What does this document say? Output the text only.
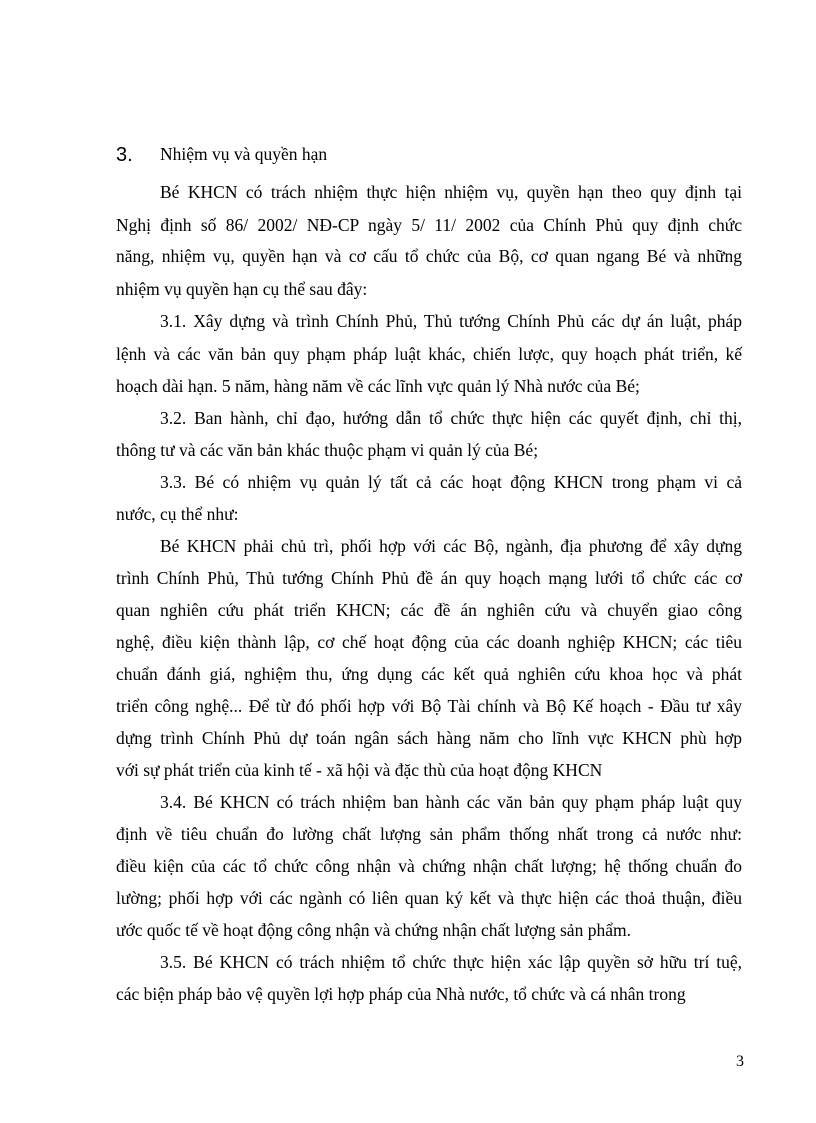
3. Nhiệm vụ và quyền hạn
Bé KHCN có trách nhiệm thực hiện nhiệm vụ, quyền hạn theo quy định tại
Nghị định số 86/ 2002/ NĐ-CP ngày 5/ 11/ 2002 của Chính Phủ quy định chức
năng, nhiệm vụ, quyền hạn và cơ cấu tổ chức của Bộ, cơ quan ngang Bé và những
nhiệm vụ quyền hạn cụ thể sau đây:
3.1. Xây dựng và trình Chính Phủ, Thủ tướng Chính Phủ các dự án luật, pháp
lệnh và các văn bản quy phạm pháp luật khác, chiến lược, quy hoạch phát triển, kế
hoạch dài hạn. 5 năm, hàng năm về các lĩnh vực quản lý Nhà nước của Bé;
3.2. Ban hành, chỉ đạo, hướng dẫn tổ chức thực hiện các quyết định, chỉ thị,
thông tư và các văn bản khác thuộc phạm vi quản lý của Bé;
3.3. Bé có nhiệm vụ quản lý tất cả các hoạt động KHCN trong phạm vi cả
nước, cụ thể như:
Bé KHCN phải chủ trì, phối hợp với các Bộ, ngành, địa phương để xây dựng
trình Chính Phủ, Thủ tướng Chính Phủ đề án quy hoạch mạng lưới tổ chức các cơ
quan nghiên cứu phát triển KHCN; các đề án nghiên cứu và chuyển giao công
nghệ, điều kiện thành lập, cơ chế hoạt động của các doanh nghiệp KHCN; các tiêu
chuẩn đánh giá, nghiệm thu, ứng dụng các kết quả nghiên cứu khoa học và phát
triển công nghệ... Để từ đó phối hợp với Bộ Tài chính và Bộ Kế hoạch - Đầu tư xây
dựng trình Chính Phủ dự toán ngân sách hàng năm cho lĩnh vực KHCN phù hợp
với sự phát triển của kinh tế - xã hội và đặc thù của hoạt động KHCN
3.4. Bé KHCN có trách nhiệm ban hành các văn bản quy phạm pháp luật quy
định về tiêu chuẩn đo lường chất lượng sản phẩm thống nhất trong cả nước như:
điều kiện của các tổ chức công nhận và chứng nhận chất lượng; hệ thống chuẩn đo
lường; phối hợp với các ngành có liên quan ký kết và thực hiện các thoả thuận, điều
ước quốc tế về hoạt động công nhận và chứng nhận chất lượng sản phẩm.
3.5. Bé KHCN có trách nhiệm tổ chức thực hiện xác lập quyền sở hữu trí tuệ,
các biện pháp bảo vệ quyền lợi hợp pháp của Nhà nước, tổ chức và cá nhân trong
3
